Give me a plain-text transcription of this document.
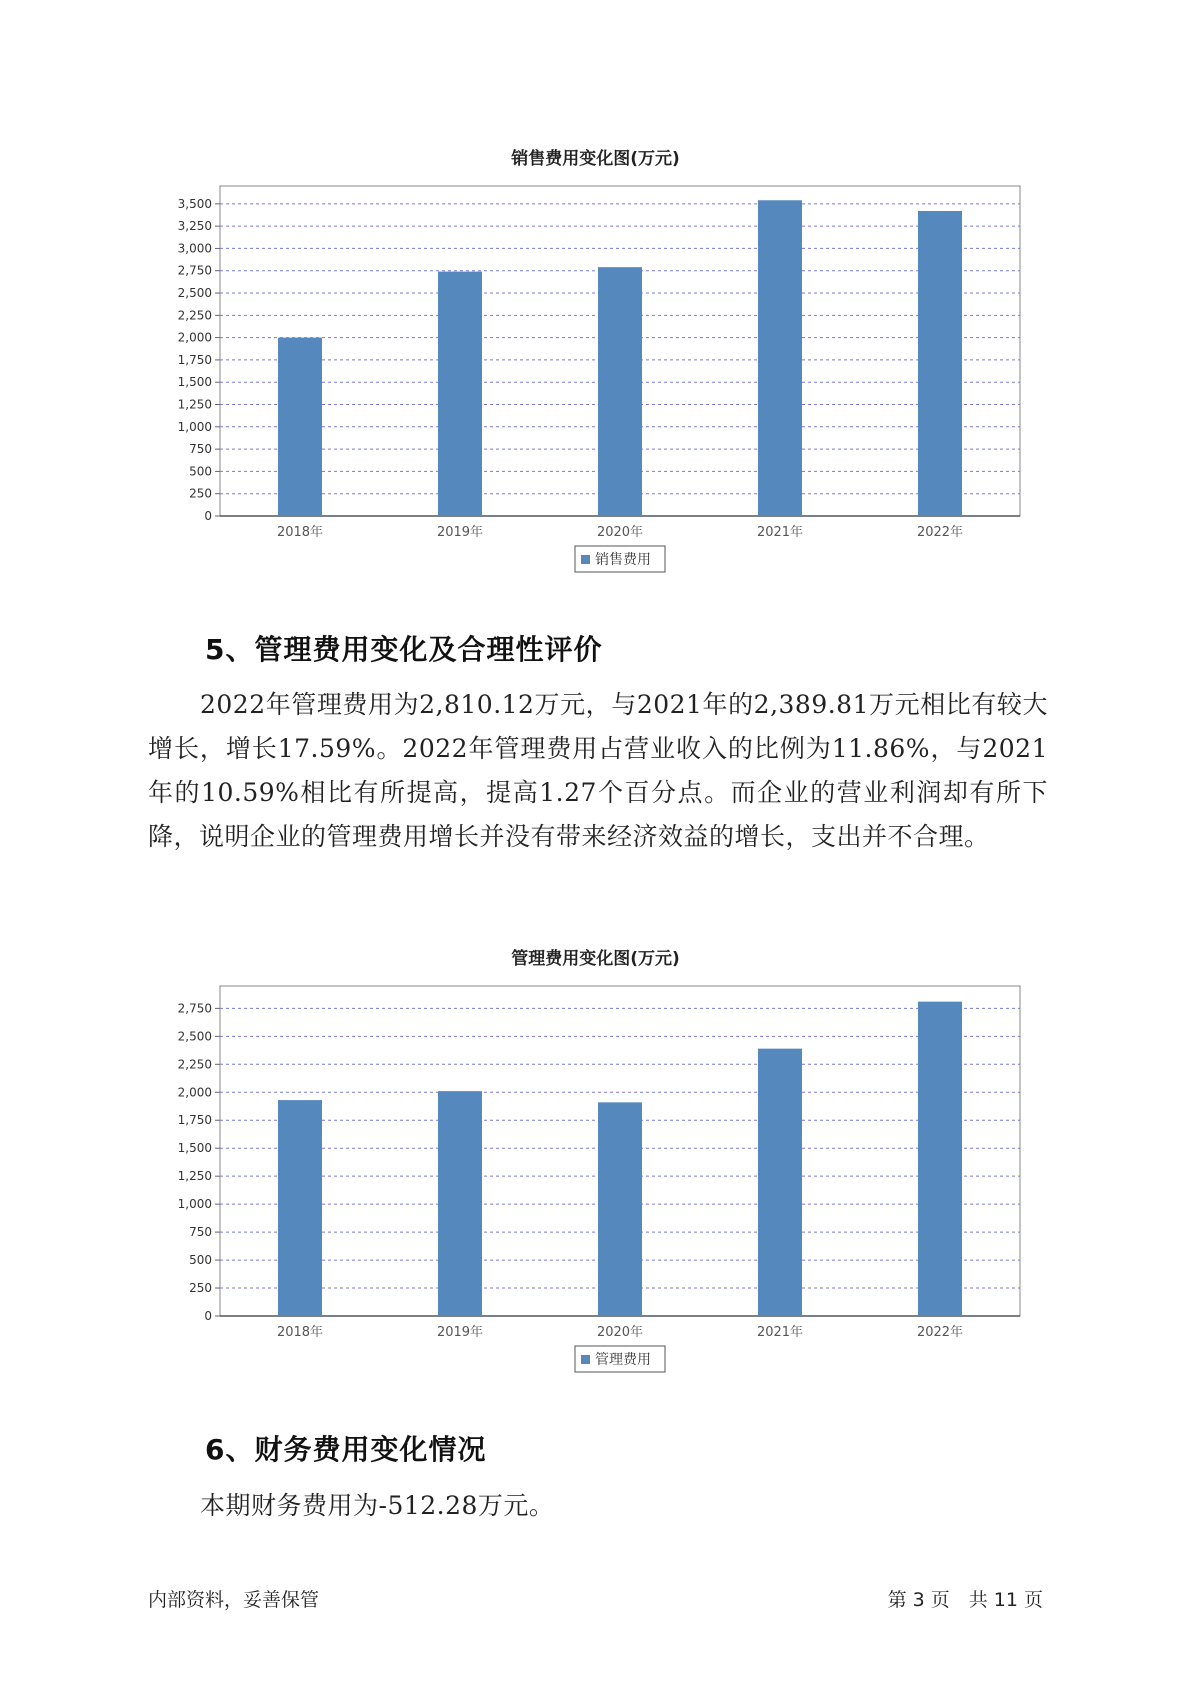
销售费用变化图(万元)
0
250
500
750
1,000
1,250
1,500
1,750
2,000
2,250
2,500
2,750
3,000
3,250
3,500
2018年	2019年	2020年	2021年	2022年
销售费用
5、管理费用变化及合理性评价
2022年管理费用为2,810.12万元，与2021年的2,389.81万元相比有较大增长，增长17.59%。2022年管理费用占营业收入的比例为11.86%，与2021年的10.59%相比有所提高，提高1.27个百分点。而企业的营业利润却有所下降，说明企业的管理费用增长并没有带来经济效益的增长，支出并不合理。
管理费用变化图(万元)
0
250
500
750
1,000
1,250
1,500
1,750
2,000
2,250
2,500
2,750
2018年	2019年	2020年	2021年	2022年
管理费用
6、财务费用变化情况
本期财务费用为-512.28万元。
内部资料，妥善保管	第 3 页　共 11 页
